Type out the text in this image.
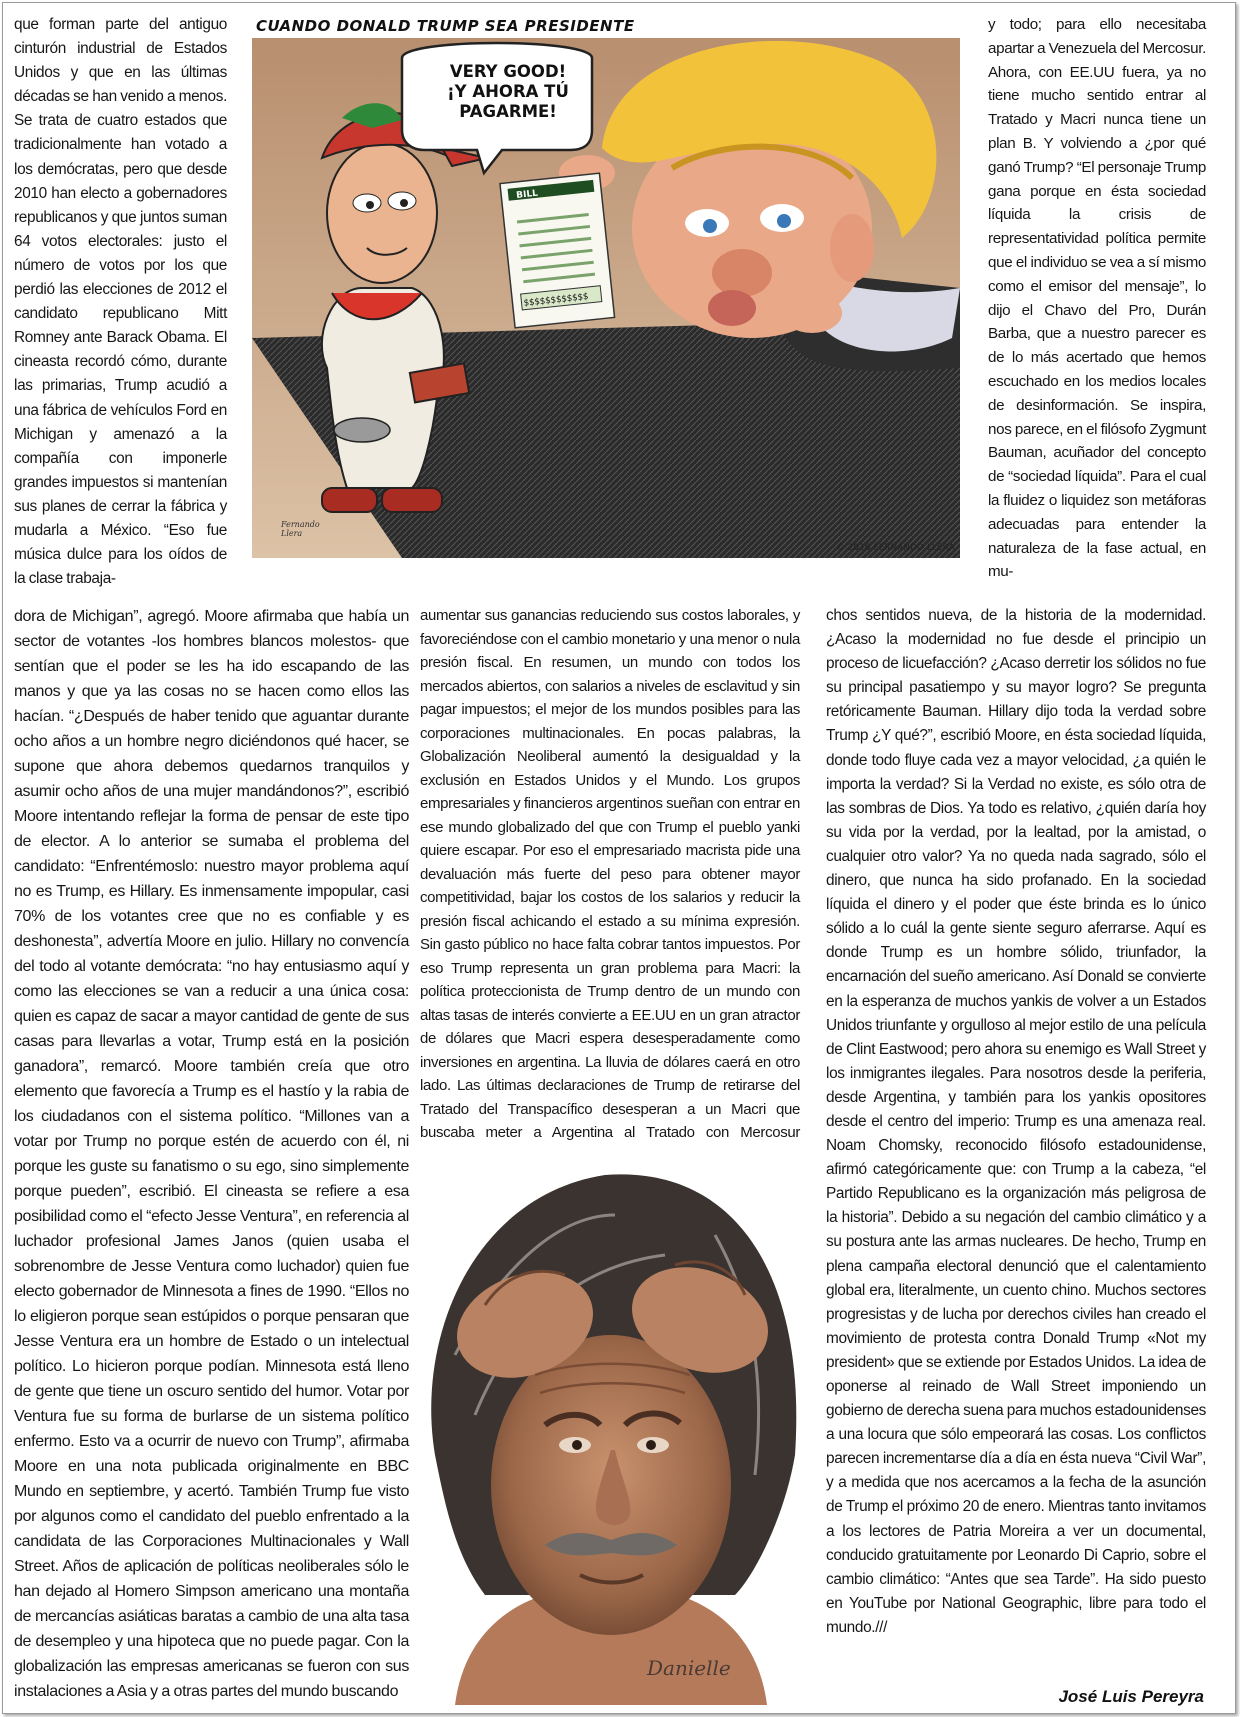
CUANDO DONALD TRUMP SEA PRESIDENTE
BILL
$$$$$$$$$$$$
VERY GOOD!
¡Y AHORA TÚ
PAGARME!
© 2016 FERNANDO LLERA
Fernando Llera

que forman parte del antiguo cinturón industrial de Estados Unidos y que en las últimas décadas se han venido a menos. Se trata de cuatro estados que tradicionalmente han votado a los demócratas, pero que desde 2010 han electo a gobernadores republicanos y que juntos suman 64 votos electorales: justo el número de votos por los que perdió las elecciones de 2012 el candidato republicano Mitt Romney ante Barack Obama. El cineasta recordó cómo, durante las primarias, Trump acudió a una fábrica de vehículos Ford en Michigan y amenazó a la compañía con imponerle grandes impuestos si mantenían sus planes de cerrar la fábrica y mudarla a México. “Eso fue música dulce para los oídos de la clase trabaja-

y todo; para ello necesitaba apartar a Venezuela del Mercosur. Ahora, con EE.UU fuera, ya no tiene mucho sentido entrar al Tratado y Macri nunca tiene un plan B. Y volviendo a ¿por qué ganó Trump? “El personaje Trump gana porque en ésta sociedad líquida la crisis de representatividad política permite que el individuo se vea a sí mismo como el emisor del mensaje”, lo dijo el Chavo del Pro, Durán Barba, que a nuestro parecer es de lo más acertado que hemos escuchado en los medios locales de desinformación. Se inspira, nos parece, en el filósofo Zygmunt Bauman, acuñador del concepto de “sociedad líquida”. Para el cual la fluidez o liquidez son metáforas adecuadas para entender la naturaleza de la fase actual, en mu-

dora de Michigan”, agregó. Moore afirmaba que había un sector de votantes -los hombres blancos molestos- que sentían que el poder se les ha ido escapando de las manos y que ya las cosas no se hacen como ellos las hacían. “¿Después de haber tenido que aguantar durante ocho años a un hombre negro diciéndonos qué hacer, se supone que ahora debemos quedarnos tranquilos y asumir ocho años de una mujer mandándonos?”, escribió Moore intentando reflejar la forma de pensar de este tipo de elector. A lo anterior se sumaba el problema del candidato: “Enfrentémoslo: nuestro mayor problema aquí no es Trump, es Hillary. Es inmensamente impopular, casi 70% de los votantes cree que no es confiable y es deshonesta”, advertía Moore en julio. Hillary no convencía del todo al votante demócrata: “no hay entusiasmo aquí y como las elecciones se van a reducir a una única cosa: quien es capaz de sacar a mayor cantidad de gente de sus casas para llevarlas a votar, Trump está en la posición ganadora”, remarcó. Moore también creía que otro elemento que favorecía a Trump es el hastío y la rabia de los ciudadanos con el sistema político. “Millones van a votar por Trump no porque estén de acuerdo con él, ni porque les guste su fanatismo o su ego, sino simplemente porque pueden”, escribió. El cineasta se refiere a esa posibilidad como el “efecto Jesse Ventura”, en referencia al luchador profesional James Janos (quien usaba el sobrenombre de Jesse Ventura como luchador) quien fue electo gobernador de Minnesota a fines de 1990. “Ellos no lo eligieron porque sean estúpidos o porque pensaran que Jesse Ventura era un hombre de Estado o un intelectual político. Lo hicieron porque podían. Minnesota está lleno de gente que tiene un oscuro sentido del humor. Votar por Ventura fue su forma de burlarse de un sistema político enfermo. Esto va a ocurrir de nuevo con Trump”, afirmaba Moore en una nota publicada originalmente en BBC Mundo en septiembre, y acertó. También Trump fue visto por algunos como el candidato del pueblo enfrentado a la candidata de las Corporaciones Multinacionales y Wall Street. Años de aplicación de políticas neoliberales sólo le han dejado al Homero Simpson americano una montaña de mercancías asiáticas baratas a cambio de una alta tasa de desempleo y una hipoteca que no puede pagar. Con la globalización las empresas americanas se fueron con sus instalaciones a Asia y a otras partes del mundo buscando

aumentar sus ganancias reduciendo sus costos laborales, y favoreciéndose con el cambio monetario y una menor o nula presión fiscal. En resumen, un mundo con todos los mercados abiertos, con salarios a niveles de esclavitud y sin pagar impuestos; el mejor de los mundos posibles para las corporaciones multinacionales. En pocas palabras, la Globalización Neoliberal aumentó la desigualdad y la exclusión en Estados Unidos y el Mundo. Los grupos empresariales y financieros argentinos sueñan con entrar en ese mundo globalizado del que con Trump el pueblo yanki quiere escapar. Por eso el empresariado macrista pide una devaluación más fuerte del peso para obtener mayor competitividad, bajar los costos de los salarios y reducir la presión fiscal achicando el estado a su mínima expresión. Sin gasto público no hace falta cobrar tantos impuestos. Por eso Trump representa un gran problema para Macri: la política proteccionista de Trump dentro de un mundo con altas tasas de interés convierte a EE.UU en un gran atractor de dólares que Macri espera desesperadamente como inversiones en argentina. La lluvia de dólares caerá en otro lado. Las últimas declaraciones de Trump de retirarse del Tratado del Transpacífico desesperan a un Macri que buscaba meter a Argentina al Tratado con Mercosur

chos sentidos nueva, de la historia de la modernidad. ¿Acaso la modernidad no fue desde el principio un proceso de licuefacción? ¿Acaso derretir los sólidos no fue su principal pasatiempo y su mayor logro? Se pregunta retóricamente Bauman. Hillary dijo toda la verdad sobre Trump ¿Y qué?”, escribió Moore, en ésta sociedad líquida, donde todo fluye cada vez a mayor velocidad, ¿a quién le importa la verdad? Si la Verdad no existe, es sólo otra de las sombras de Dios. Ya todo es relativo, ¿quién daría hoy su vida por la verdad, por la lealtad, por la amistad, o cualquier otro valor? Ya no queda nada sagrado, sólo el dinero, que nunca ha sido profanado. En la sociedad líquida el dinero y el poder que éste brinda es lo único sólido a lo cuál la gente siente seguro aferrarse. Aquí es donde Trump es un hombre sólido, triunfador, la encarnación del sueño americano. Así Donald se convierte en la esperanza de muchos yankis de volver a un Estados Unidos triunfante y orgulloso al mejor estilo de una película de Clint Eastwood; pero ahora su enemigo es Wall Street y los inmigrantes ilegales. Para nosotros desde la periferia, desde Argentina, y también para los yankis opositores desde el centro del imperio: Trump es una amenaza real. Noam Chomsky, reconocido filósofo estadounidense, afirmó categóricamente que: con Trump a la cabeza, “el Partido Republicano es la organización más peligrosa de la historia”. Debido a su negación del cambio climático y a su postura ante las armas nucleares. De hecho, Trump en plena campaña electoral denunció que el calentamiento global era, literalmente, un cuento chino. Muchos sectores progresistas y de lucha por derechos civiles han creado el movimiento de protesta contra Donald Trump «Not my president» que se extiende por Estados Unidos. La idea de oponerse al reinado de Wall Street imponiendo un gobierno de derecha suena para muchos estadounidenses a una locura que sólo empeorará las cosas. Los conflictos parecen incrementarse día a día en ésta nueva “Civil War”, y a medida que nos acercamos a la fecha de la asunción de Trump el próximo 20 de enero. Mientras tanto invitamos a los lectores de Patria Moreira a ver un documental, conducido gratuitamente por Leonardo Di Caprio, sobre el cambio climático: “Antes que sea Tarde”. Ha sido puesto en YouTube por National Geographic, libre para todo el mundo.///

Danielle
José Luis Pereyra
